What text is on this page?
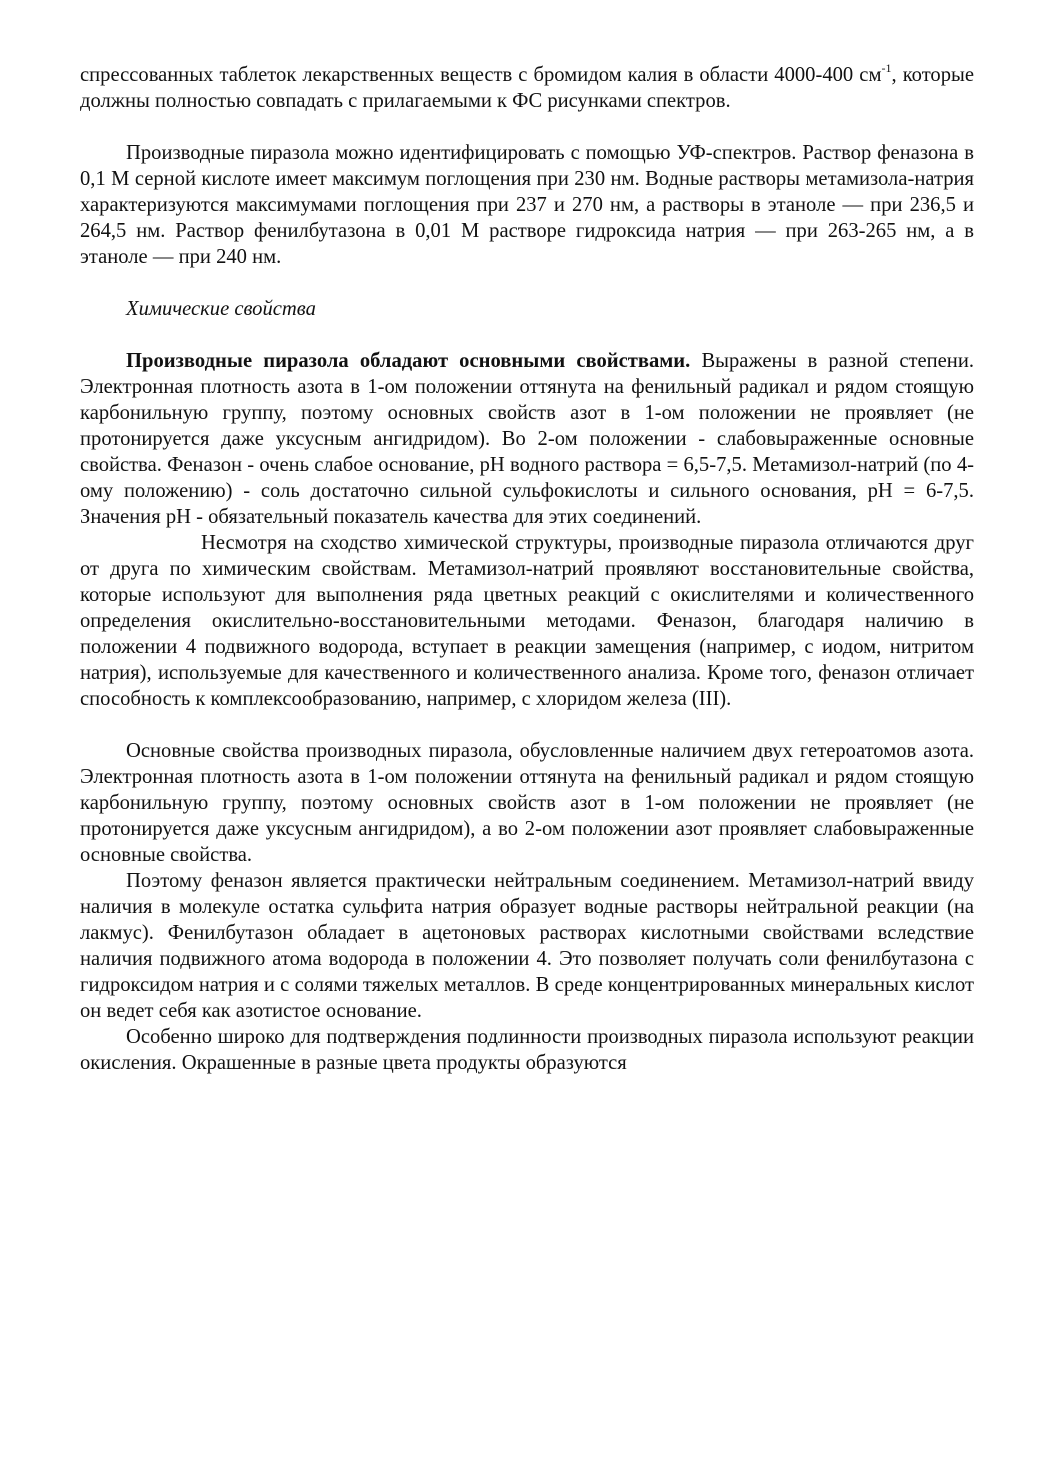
спрессованных таблеток лекарственных веществ с бромидом калия в области 4000-400 $см^{-1}$, которые должны полностью совпадать с прилагаемыми к ФС рисунками спектров.

Производные пиразола можно идентифицировать с помощью УФ-спектров. Раствор феназона в 0,1 М серной кислоте имеет максимум поглощения при 230 нм. Водные растворы метамизола-натрия характеризуются максимумами поглощения при 237 и 270 нм, а растворы в этаноле — при 236,5 и 264,5 нм. Раствор фенилбутазона в 0,01 М растворе гидроксида натрия — при 263-265 нм, а в этаноле — при 240 нм.

Химические свойства

Производные пиразола обладают основными свойствами. Выражены в разной степени. Электронная плотность азота в 1-ом положении оттянута на фенильный радикал и рядом стоящую карбонильную группу, поэтому основных свойств азот в 1-ом положении не проявляет (не протонируется даже уксусным ангидридом). Во 2-ом положении - слабовыраженные основные свойства. Феназон - очень слабое основание, pH водного раствора = 6,5-7,5. Метамизол-натрий (по 4-ому положению) - соль достаточно сильной сульфокислоты и сильного основания, pH = 6-7,5. Значения pH - обязательный показатель качества для этих соединений.

Несмотря на сходство химической структуры, производные пиразола отличаются друг от друга по химическим свойствам. Метамизол-натрий проявляют восстановительные свойства, которые используют для выполнения ряда цветных реакций с окислителями и количественного определения окислительно-восстановительными методами. Феназон, благодаря наличию в положении 4 подвижного водорода, вступает в реакции замещения (например, с иодом, нитритом натрия), используемые для качественного и количественного анализа. Кроме того, феназон отличает способность к комплексообразованию, например, с хлоридом железа (III).

Основные свойства производных пиразола, обусловленные наличием двух гетероатомов азота. Электронная плотность азота в 1-ом положении оттянута на фенильный радикал и рядом стоящую карбонильную группу, поэтому основных свойств азот в 1-ом положении не проявляет (не протонируется даже уксусным ангидридом), а во 2-ом положении азот проявляет слабовыраженные основные свойства.

Поэтому феназон является практически нейтральным соединением. Метамизол-натрий ввиду наличия в молекуле остатка сульфита натрия образует водные растворы нейтральной реакции (на лакмус). Фенилбутазон обладает в ацетоновых растворах кислотными свойствами вследствие наличия подвижного атома водорода в положении 4. Это позволяет получать соли фенилбутазона с гидроксидом натрия и с солями тяжелых металлов. В среде концентрированных минеральных кислот он ведет себя как азотистое основание.

Особенно широко для подтверждения подлинности производных пиразола используют реакции окисления. Окрашенные в разные цвета продукты образуются
